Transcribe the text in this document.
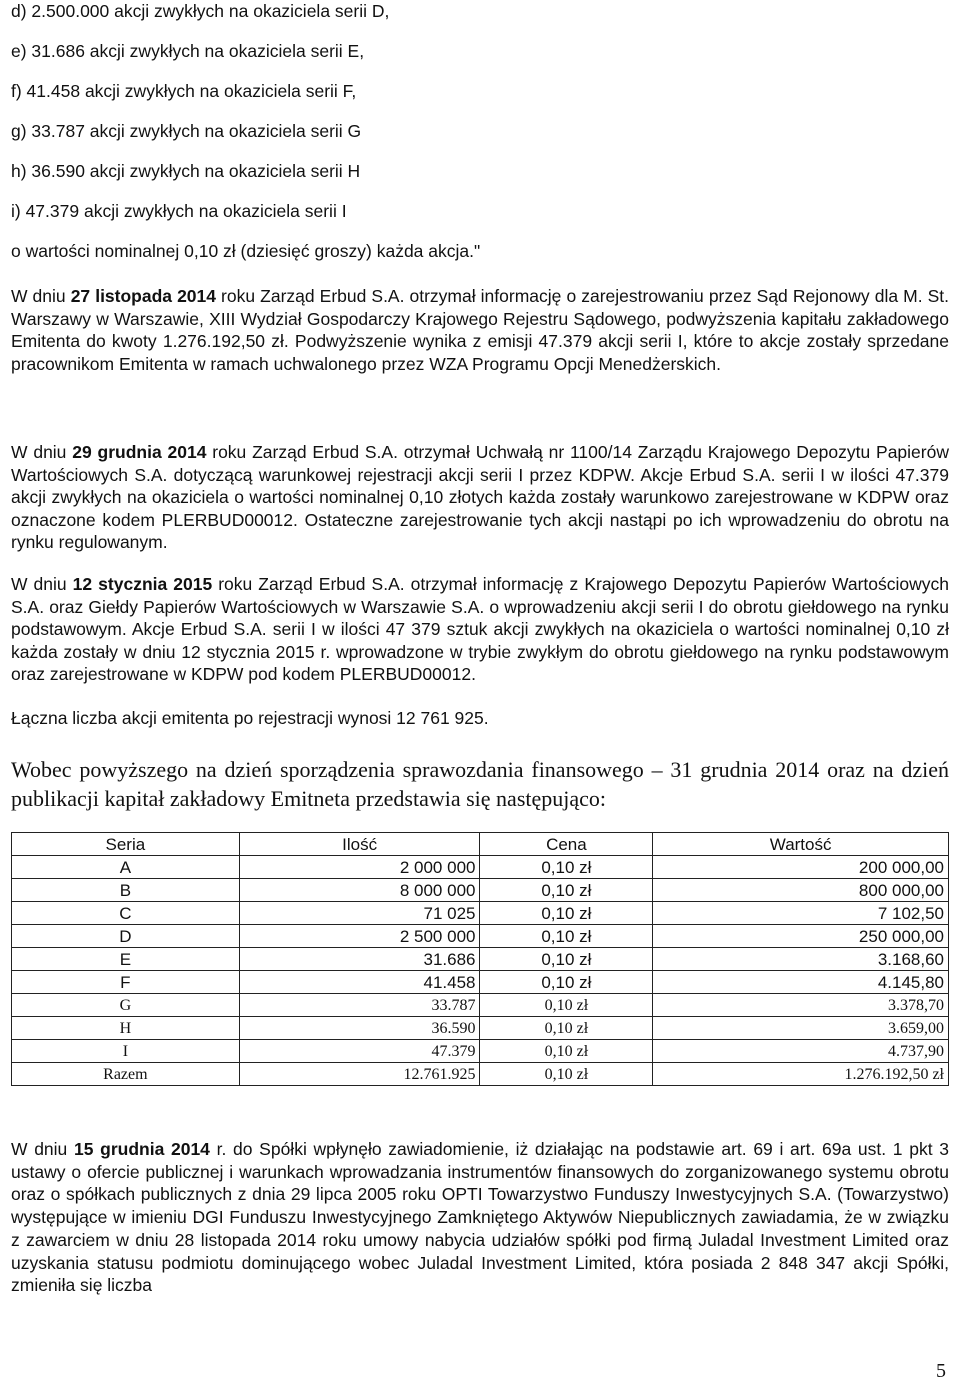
d) 2.500.000 akcji zwykłych na okaziciela serii D,
e) 31.686 akcji zwykłych na okaziciela serii E,
f) 41.458 akcji zwykłych na okaziciela serii F,
g) 33.787 akcji zwykłych na okaziciela serii G
h) 36.590 akcji zwykłych na okaziciela serii H
i) 47.379 akcji zwykłych na okaziciela serii I
o wartości nominalnej 0,10 zł (dziesięć groszy) każda akcja."
W dniu 27 listopada 2014 roku Zarząd Erbud S.A. otrzymał informację o zarejestrowaniu przez Sąd Rejonowy dla M. St. Warszawy w Warszawie, XIII Wydział Gospodarczy Krajowego Rejestru Sądowego, podwyższenia kapitału zakładowego Emitenta do kwoty 1.276.192,50 zł. Podwyższenie wynika z emisji 47.379 akcji serii I, które to akcje zostały sprzedane pracownikom Emitenta w ramach uchwalonego przez WZA Programu Opcji Menedżerskich.
W dniu 29 grudnia 2014 roku Zarząd Erbud S.A. otrzymał Uchwałą nr 1100/14 Zarządu Krajowego Depozytu Papierów Wartościowych S.A. dotyczącą warunkowej rejestracji akcji serii I przez KDPW. Akcje Erbud S.A. serii I w ilości 47.379 akcji zwykłych na okaziciela o wartości nominalnej 0,10 złotych każda zostały warunkowo zarejestrowane w KDPW oraz oznaczone kodem PLERBUD00012. Ostateczne zarejestrowanie tych akcji nastąpi po ich wprowadzeniu do obrotu na rynku regulowanym.
W dniu 12 stycznia 2015 roku Zarząd Erbud S.A. otrzymał informację z Krajowego Depozytu Papierów Wartościowych S.A. oraz Giełdy Papierów Wartościowych w Warszawie S.A. o wprowadzeniu akcji serii I do obrotu giełdowego na rynku podstawowym. Akcje Erbud S.A. serii I w ilości 47 379 sztuk akcji zwykłych na okaziciela o wartości nominalnej 0,10 zł każda zostały w dniu 12 stycznia 2015 r. wprowadzone w trybie zwykłym do obrotu giełdowego na rynku podstawowym oraz zarejestrowane w KDPW pod kodem PLERBUD00012.
Łączna liczba akcji emitenta po rejestracji wynosi 12 761 925.
Wobec powyższego na dzień sporządzenia sprawozdania finansowego – 31 grudnia 2014 oraz na dzień publikacji kapitał zakładowy Emitneta przedstawia się następująco:
Seria	Ilość	Cena	Wartość
A	2 000 000	0,10 zł	200 000,00
B	8 000 000	0,10 zł	800 000,00
C	71 025	0,10 zł	7 102,50
D	2 500 000	0,10 zł	250 000,00
E	31.686	0,10 zł	3.168,60
F	41.458	0,10 zł	4.145,80
G	33.787	0,10 zł	3.378,70
H	36.590	0,10 zł	3.659,00
I	47.379	0,10 zł	4.737,90
Razem	12.761.925	0,10 zł	1.276.192,50 zł
W dniu 15 grudnia 2014 r. do Spółki wpłynęło zawiadomienie, iż działając na podstawie art. 69 i art. 69a ust. 1 pkt 3 ustawy o ofercie publicznej i warunkach wprowadzania instrumentów finansowych do zorganizowanego systemu obrotu oraz o spółkach publicznych z dnia 29 lipca 2005 roku OPTI Towarzystwo Funduszy Inwestycyjnych S.A. (Towarzystwo) występujące w imieniu DGI Funduszu Inwestycyjnego Zamkniętego Aktywów Niepublicznych zawiadamia, że w związku z zawarciem w dniu 28 listopada 2014 roku umowy nabycia udziałów spółki pod firmą Juladal Investment Limited oraz uzyskania statusu podmiotu dominującego wobec Juladal Investment Limited, która posiada 2 848 347 akcji Spółki, zmieniła się liczba
5
